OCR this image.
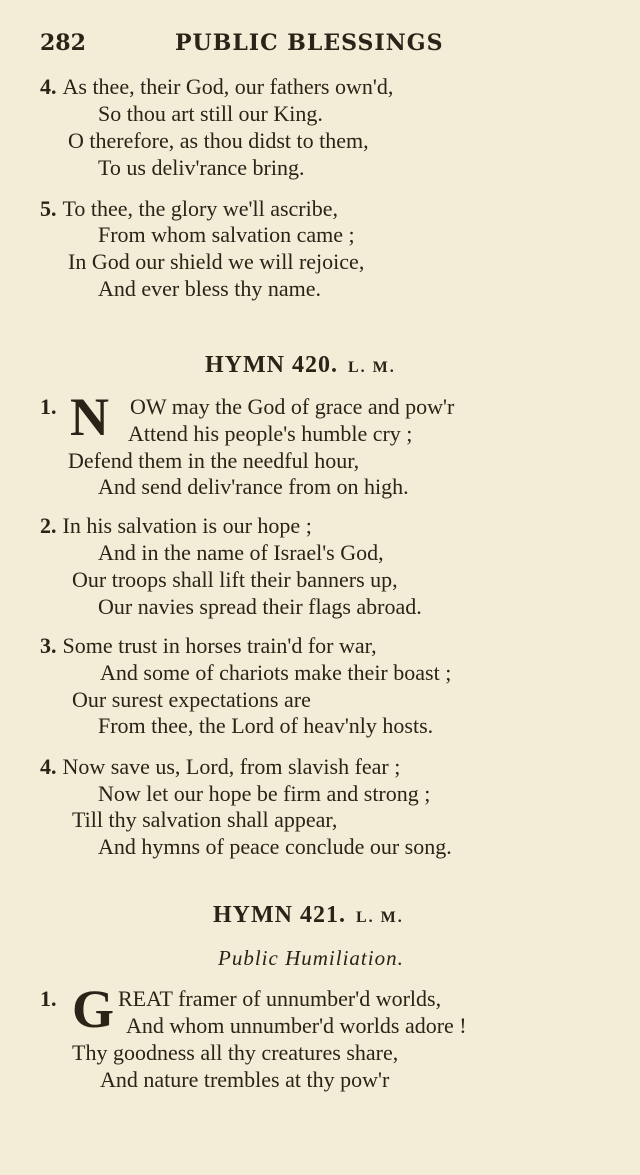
282	PUBLIC BLESSINGS
4. As thee, their God, our fathers own'd,
So thou art still our King.
O therefore, as thou didst to them,
To us deliv'rance bring.
5. To thee, the glory we'll ascribe,
From whom salvation came ;
In God our shield we will rejoice,
And ever bless thy name.
HYMN 420. L. M.
1. N OW may the God of grace and pow'r
Attend his people's humble cry ;
Defend them in the needful hour,
And send deliv'rance from on high.
2. In his salvation is our hope ;
And in the name of Israel's God,
Our troops shall lift their banners up,
Our navies spread their flags abroad.
3. Some trust in horses train'd for war,
And some of chariots make their boast ;
Our surest expectations are
From thee, the Lord of heav'nly hosts.
4. Now save us, Lord, from slavish fear ;
Now let our hope be firm and strong ;
Till thy salvation shall appear,
And hymns of peace conclude our song.
HYMN 421. L. M.
Public Humiliation.
1. G REAT framer of unnumber'd worlds,
And whom unnumber'd worlds adore !
Thy goodness all thy creatures share,
And nature trembles at thy pow'r
